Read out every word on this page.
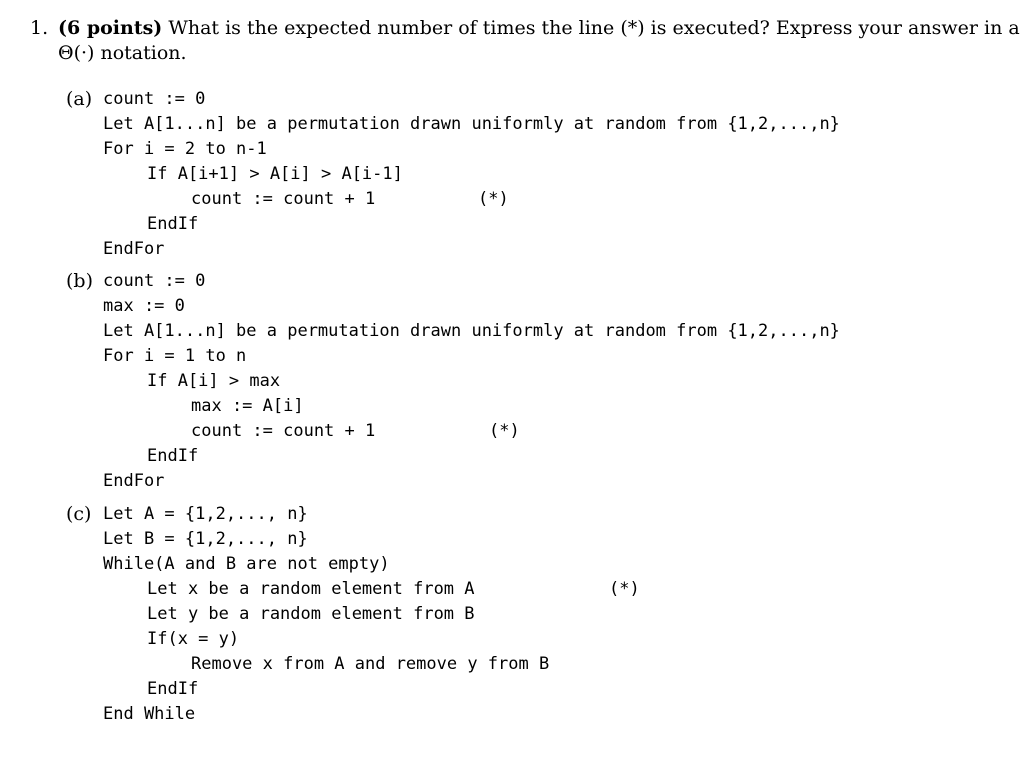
1. (6 points) What is the expected number of times the line (*) is executed? Express your answer in a
Θ(·) notation.
(a) count := 0
Let A[1...n] be a permutation drawn uniformly at random from {1,2,...,n}
For i = 2 to n-1
If A[i+1] > A[i] > A[i-1]
count := count + 1	(*)
EndIf
EndFor
(b) count := 0
max := 0
Let A[1...n] be a permutation drawn uniformly at random from {1,2,...,n}
For i = 1 to n
If A[i] > max
max := A[i]
count := count + 1	(*)
EndIf
EndFor
(c) Let A = {1,2,..., n}
Let B = {1,2,..., n}
While(A and B are not empty)
Let x be a random element from A	(*)
Let y be a random element from B
If(x = y)
Remove x from A and remove y from B
EndIf
End While
